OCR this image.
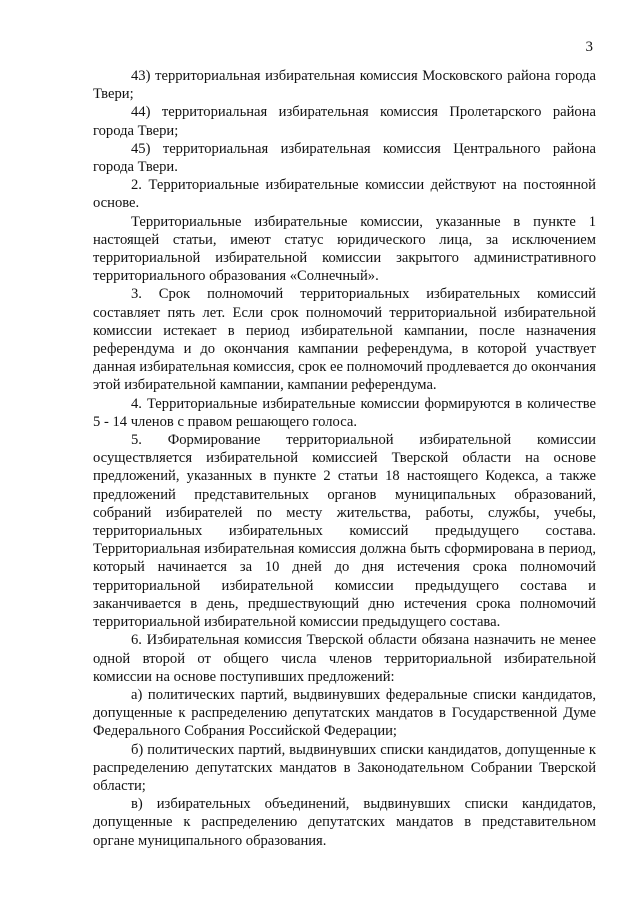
3

43) территориальная избирательная комиссия Московского района города Твери;

44) территориальная избирательная комиссия Пролетарского района города Твери;

45) территориальная избирательная комиссия Центрального района города Твери.

2. Территориальные избирательные комиссии действуют на постоянной основе.

Территориальные избирательные комиссии, указанные в пункте 1 настоящей статьи, имеют статус юридического лица, за исключением территориальной избирательной комиссии закрытого административного территориального образования «Солнечный».

3. Срок полномочий территориальных избирательных комиссий составляет пять лет. Если срок полномочий территориальной избирательной комиссии истекает в период избирательной кампании, после назначения референдума и до окончания кампании референдума, в которой участвует данная избирательная комиссия, срок ее полномочий продлевается до окончания этой избирательной кампании, кампании референдума.

4. Территориальные избирательные комиссии формируются в количестве 5 - 14 членов с правом решающего голоса.

5. Формирование территориальной избирательной комиссии осуществляется избирательной комиссией Тверской области на основе предложений, указанных в пункте 2 статьи 18 настоящего Кодекса, а также предложений представительных органов муниципальных образований, собраний избирателей по месту жительства, работы, службы, учебы, территориальных избирательных комиссий предыдущего состава. Территориальная избирательная комиссия должна быть сформирована в период, который начинается за 10 дней до дня истечения срока полномочий территориальной избирательной комиссии предыдущего состава и заканчивается в день, предшествующий дню истечения срока полномочий территориальной избирательной комиссии предыдущего состава.

6. Избирательная комиссия Тверской области обязана назначить не менее одной второй от общего числа членов территориальной избирательной комиссии на основе поступивших предложений:

а) политических партий, выдвинувших федеральные списки кандидатов, допущенные к распределению депутатских мандатов в Государственной Думе Федерального Собрания Российской Федерации;

б) политических партий, выдвинувших списки кандидатов, допущенные к распределению депутатских мандатов в Законодательном Собрании Тверской области;

в) избирательных объединений, выдвинувших списки кандидатов, допущенные к распределению депутатских мандатов в представительном органе муниципального образования.
